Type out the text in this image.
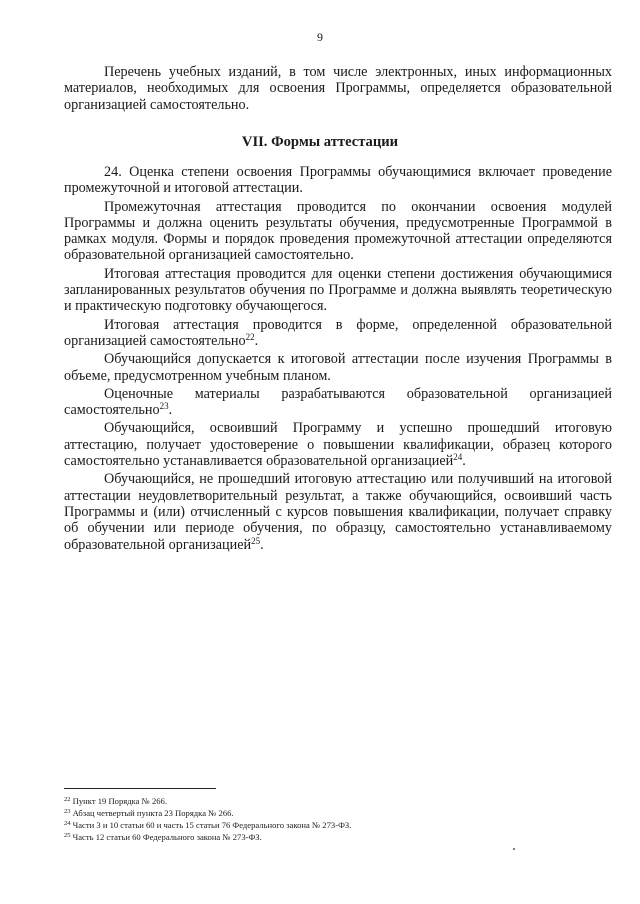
9

Перечень учебных изданий, в том числе электронных, иных информационных материалов, необходимых для освоения Программы, определяется образовательной организацией самостоятельно.

VII. Формы аттестации

24. Оценка степени освоения Программы обучающимися включает проведение промежуточной и итоговой аттестации.

Промежуточная аттестация проводится по окончании освоения модулей Программы и должна оценить результаты обучения, предусмотренные Программой в рамках модуля. Формы и порядок проведения промежуточной аттестации определяются образовательной организацией самостоятельно.

Итоговая аттестация проводится для оценки степени достижения обучающимися запланированных результатов обучения по Программе и должна выявлять теоретическую и практическую подготовку обучающегося.

Итоговая аттестация проводится в форме, определенной образовательной организацией самостоятельно$^{22}$.

Обучающийся допускается к итоговой аттестации после изучения Программы в объеме, предусмотренном учебным планом.

Оценочные материалы разрабатываются образовательной организацией самостоятельно$^{23}$.

Обучающийся, освоивший Программу и успешно прошедший итоговую аттестацию, получает удостоверение о повышении квалификации, образец которого самостоятельно устанавливается образовательной организацией$^{24}$.

Обучающийся, не прошедший итоговую аттестацию или получивший на итоговой аттестации неудовлетворительный результат, а также обучающийся, освоивший часть Программы и (или) отчисленный с курсов повышения квалификации, получает справку об обучении или периоде обучения, по образцу, самостоятельно устанавливаемому образовательной организацией$^{25}$.

$^{22}$ Пункт 19 Порядка № 266.

$^{23}$ Абзац четвертый пункта 23 Порядка № 266.

$^{24}$ Части 3 и 10 статьи 60 и часть 15 статьи 76 Федерального закона № 273-ФЗ.

$^{25}$ Часть 12 статьи 60 Федерального закона № 273-ФЗ.
